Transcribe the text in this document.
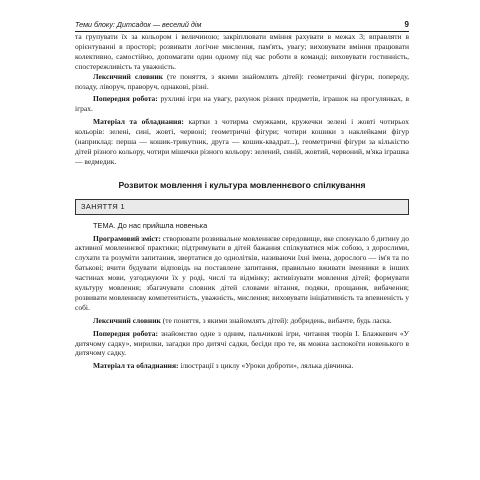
Теми блоку: Дитсадок — веселий дім	9

та групувати їх за кольором і величиною; закріплювати вміння рахувати в межах 3; вправляти в орієнтуванні в просторі; розвивати логічне мислення, пам'ять, увагу; виховувати вміння працювати колективно, самостійно, допомагати один одному під час роботи в команді; виховувати гостинність, спостережливість та уважність.

Лексичний словник (те поняття, з якими знайомлять дітей): геометричні фігури, попереду, позаду, ліворуч, праворуч, однакові, різні.

Попередня робота: рухливі ігри на увагу, рахунок різних предметів, іграшок на прогулянках, в іграх.

Матеріал та обладнання: картки з чотирма смужками, кружечки зелені і жовті чотирьох кольорів: зелені, сині, жовті, червоні; геометричні фігури; чотири кошики з наклейками фігур (наприклад: перша — кошик-трикутник, друга — кошик-квадрат...), геометричні фігури за кількістю дітей різного кольору, чотири мішечки різного кольору: зелений, синій, жовтий, червоний, м'яка іграшка — ведмедик.

Розвиток мовлення і культура мовленнєвого спілкування
ЗАНЯТТЯ 1
ТЕМА. До нас прийшла новенька

Програмовий зміст: створювати розвивальне мовленнєве середовище, яке спонукало б дитину до активної мовленнєвої практики; підтримувати в дітей бажання спілкуватися між собою, з дорослими, слухати та розуміти запитання, звертатися до однолітків, називаючи їхні імена, дорослого — ім'я та по батькові; вчити будувати відповідь на поставлене запитання, правильно вживати іменники в інших частинах мови, узгоджуючи їх у роді, числі та відмінку; активізувати мовлення дітей; формувати культуру мовлення; збагачувати словник дітей словами вітання, подяки, прощання, вибачення; розвивати мовленнєву компетентність, уважність, мислення; виховувати ініціативність та впевненість у собі.

Лексичний словник (те поняття, з якими знайомлять дітей): добридень, вибачте, будь ласка.

Попередня робота: знайомство одне з одним, пальчикові ігри, читання творів І. Блажкевич «У дитячому садку», мирилки, загадки про дитячі садки, бесіди про те, як можна заспокоїти новенького в дитячому садку.

Матеріал та обладнання: ілюстрації з циклу «Уроки доброти», лялька дівчинка.
